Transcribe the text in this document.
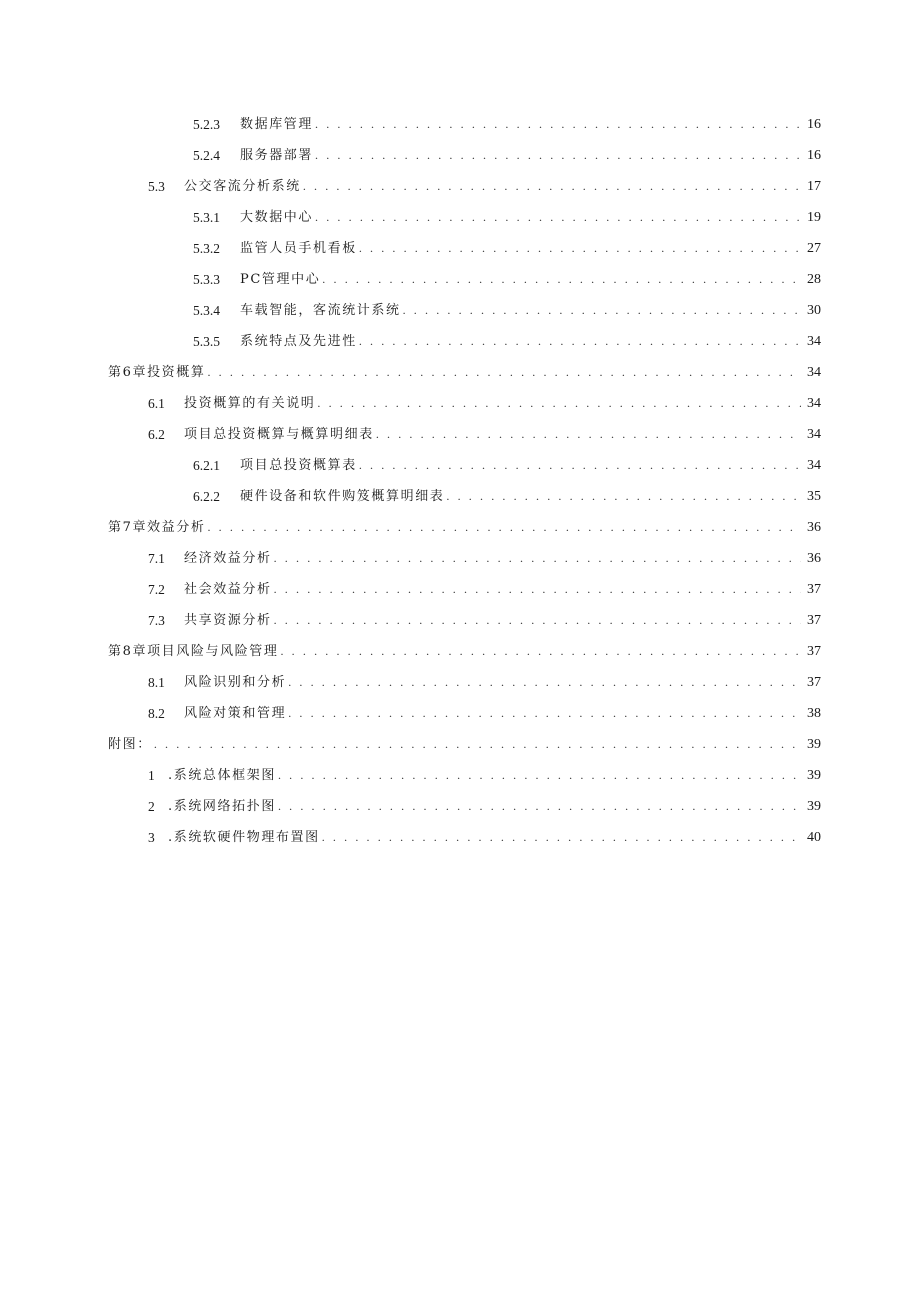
5.2.3	数据库管理 . . .	16
5.2.4	服务器部署 . . .	16
5.3	公交客流分析系统 . . .	17
5.3.1	大数据中心 . . .	19
5.3.2	监管人员手机看板 . . .	27
5.3.3	PC管理中心 . . .	28
5.3.4	车载智能，客流统计系统 . . .	30
5.3.5	系统特点及先进性 . . .	34
第6章投资概算 . . .	34
6.1	投资概算的有关说明 . . .	34
6.2	项目总投资概算与概算明细表 . . .	34
6.2.1	项目总投资概算表 . . .	34
6.2.2	硬件设备和软件购笈概算明细表 . . .	35
第7章效益分析 . . .	36
7.1	经济效益分析 . . .	36
7.2	社会效益分析 . . .	37
7.3	共享资源分析 . . .	37
第8章项目风险与风险管理 . . .	37
8.1	风险识别和分析 . . .	37
8.2	风险对策和管理 . . .	38
附图： . . .	39
1	.系统总体框架图 . . .	39
2	.系统网络拓扑图 . . .	39
3	.系统软硬件物理布置图 . . .	40
